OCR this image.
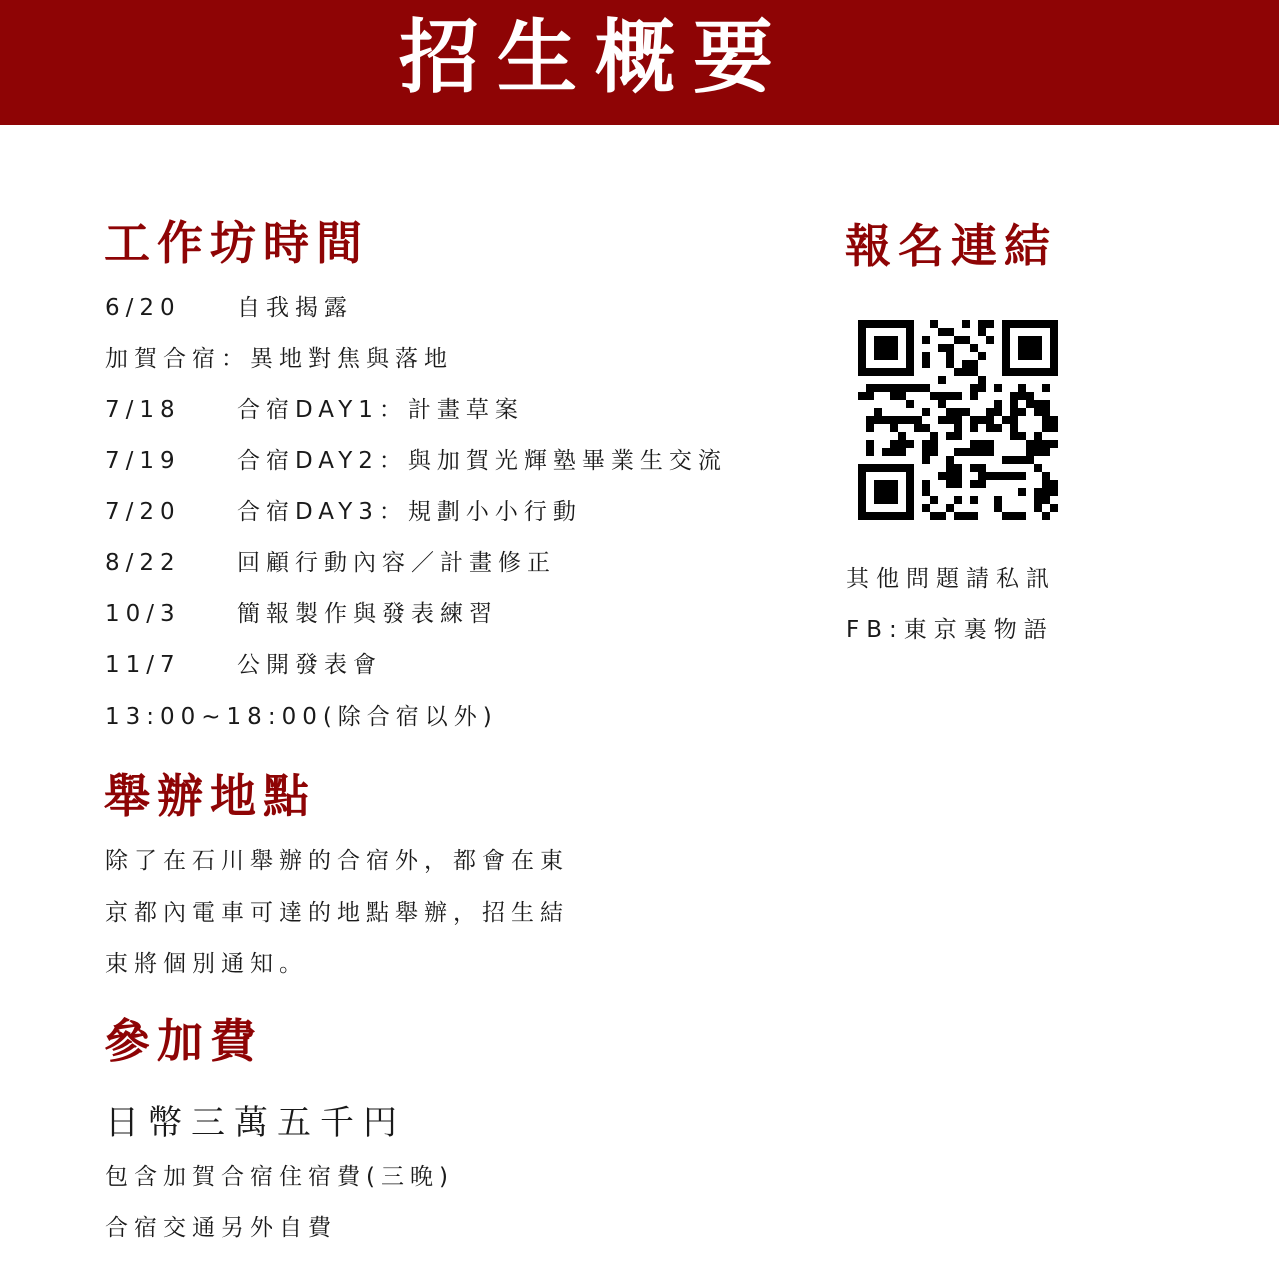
招生概要
工作坊時間
6/20 自我揭露
加賀合宿：異地對焦與落地
7/18 合宿DAY1：計畫草案
7/19 合宿DAY2：與加賀光輝塾畢業生交流
7/20 合宿DAY3：規劃小小行動
8/22 回顧行動內容／計畫修正
10/3 簡報製作與發表練習
11/7 公開發表會
13:00~18:00(除合宿以外)
舉辦地點
除了在石川舉辦的合宿外，都會在東
京都內電車可達的地點舉辦，招生結
束將個別通知。
參加費
日幣三萬五千円
包含加賀合宿住宿費(三晚)
合宿交通另外自費
報名連結
其他問題請私訊
FB:東京裏物語
